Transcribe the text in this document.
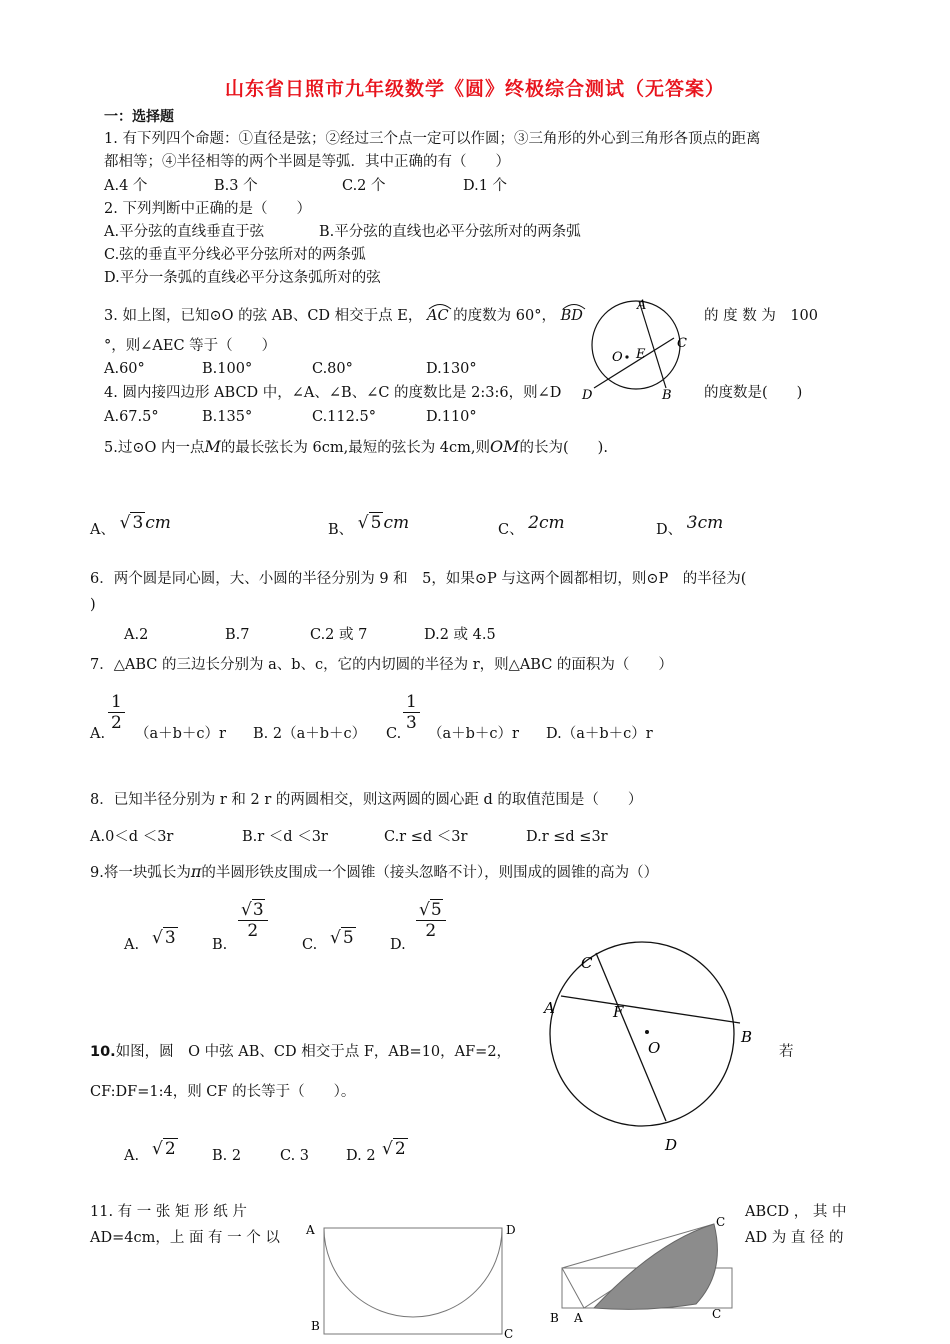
山东省日照市九年级数学《圆》终极综合测试（无答案）
一：选择题
1. 有下列四个命题：①直径是弦；②经过三个点一定可以作圆；③三角形的外心到三角形各顶点的距离
都相等；④半径相等的两个半圆是等弧．其中正确的有（　　）
A.4 个	B.3 个	C.2 个	D.1 个
2. 下列判断中正确的是（　　）
A.平分弦的直线垂直于弦	B.平分弦的直线也必平分弦所对的两条弧
C.弦的垂直平分线必平分弦所对的两条弧
D.平分一条弧的直线必平分这条弧所对的弦
3. 如上图，已知⊙O 的弦 AB、CD 相交于点 E， AC 的度数为 60°， BD	的 度 数 为　100
°，则∠AEC 等于（　　）
A.60°	B.100°	C.80°	D.130°
A
C
O E
D	B
4. 圆内接四边形 ABCD 中，∠A、∠B、∠C 的度数比是 2:3:6，则∠D	的度数是(　　)
A.67.5°	B.135°	C.112.5°	D.110°
5.过⊙O 内一点M的最长弦长为 6cm,最短的弦长为 4cm,则OM的长为(　　).
A、 √ 3 cm	B、 √ 5 cm	C、 2cm	D、 3cm
6．两个圆是同心圆，大、小圆的半径分别为 9 和　5，如果⊙P 与这两个圆都相切，则⊙P　的半径为(
)
A.2	B.7	C.2 或 7	D.2 或 4.5
7．△ABC 的三边长分别为 a、b、c，它的内切圆的半径为 r，则△ABC 的面积为（　　）
A.
$\frac{1}{2}$
（a＋b＋c）r B. 2（a＋b＋c） C.
$\frac{1}{3}$
（a＋b＋c）r D.（a＋b＋c）r
8．已知半径分别为 r 和 2 r 的两圆相交，则这两圆的圆心距 d 的取值范围是（　　）
A.0＜d ＜3r	B.r ＜d ＜3r	C.r ≤d ＜3r	D.r ≤d ≤3r
9.将一块弧长为π的半圆形铁皮围成一个圆锥（接头忽略不计），则围成的圆锥的高为（）
A. √ 3	B.
$\frac{√3}{2}$
C. √ 5	D.
$\frac{√5}{2}$
C
A	F
O
B
D
10.如图，圆　O 中弦 AB、CD 相交于点 F，AB=10，AF=2，	若
CF:DF=1:4，则 CF 的长等于（　　）。
A. √ 2	B. 2	C. 3	D. 2 √ 2
11. 有 一 张 矩 形 纸 片
AD=4cm，上 面 有 一 个 以
ABCD ， 其 中
AD 为 直 径 的
A	D
B
C
C
B A	C
